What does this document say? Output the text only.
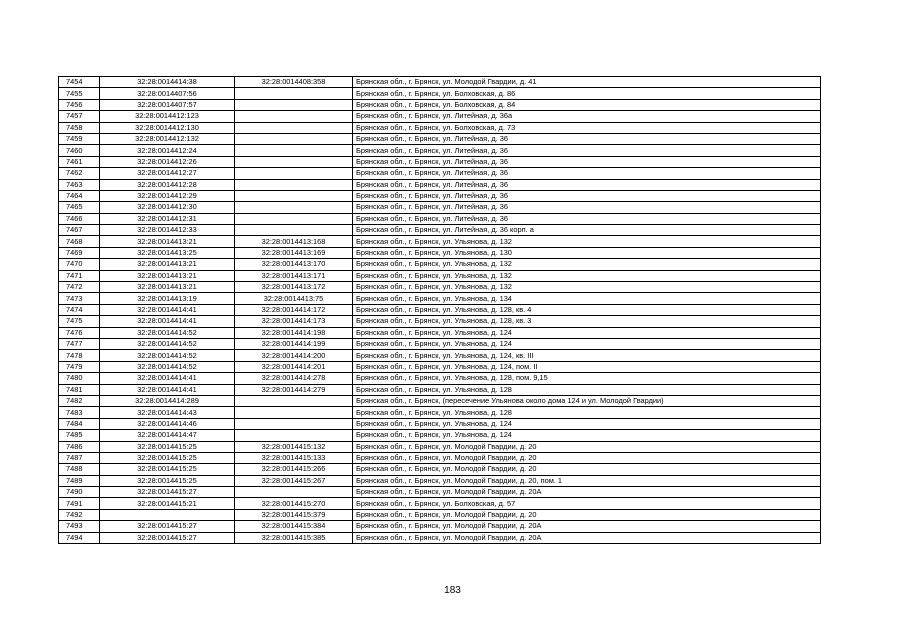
7454	32:28:0014414:38	32:28:0014408:358	Брянская обл., г. Брянск, ул. Молодой Гвардии, д. 41
7455	32:28:0014407:56		Брянская обл., г. Брянск, ул. Болховская, д. 86
7456	32:28:0014407:57		Брянская обл., г. Брянск, ул. Болховская, д. 84
7457	32:28:0014412:123		Брянская обл., г. Брянск, ул. Литейная, д. 36а
7458	32:28:0014412:130		Брянская обл., г. Брянск, ул. Болховская, д. 73
7459	32:28:0014412:132		Брянская обл., г. Брянск, ул. Литейная, д. 36
7460	32:28:0014412:24		Брянская обл., г. Брянск, ул. Литейная, д. 36
7461	32:28:0014412:26		Брянская обл., г. Брянск, ул. Литейная, д. 36
7462	32:28:0014412:27		Брянская обл., г. Брянск, ул. Литейная, д. 36
7463	32:28:0014412:28		Брянская обл., г. Брянск, ул. Литейная, д. 36
7464	32:28:0014412:29		Брянская обл., г. Брянск, ул. Литейная, д. 36
7465	32:28:0014412:30		Брянская обл., г. Брянск, ул. Литейная, д. 36
7466	32:28:0014412:31		Брянская обл., г. Брянск, ул. Литейная, д. 36
7467	32:28:0014412:33		Брянская обл., г. Брянск, ул. Литейная, д. 36 корп. а
7468	32:28:0014413:21	32:28:0014413:168	Брянская обл., г. Брянск, ул. Ульянова, д. 132
7469	32:28:0014413:25	32:28:0014413:169	Брянская обл., г. Брянск, ул. Ульянова, д. 130
7470	32:28:0014413:21	32:28:0014413:170	Брянская обл., г. Брянск, ул. Ульянова, д. 132
7471	32:28:0014413:21	32:28:0014413:171	Брянская обл., г. Брянск, ул. Ульянова, д. 132
7472	32:28:0014413:21	32:28:0014413:172	Брянская обл., г. Брянск, ул. Ульянова, д. 132
7473	32:28:0014413:19	32:28:0014413:75	Брянская обл., г. Брянск, ул. Ульянова, д. 134
7474	32:28:0014414:41	32:28:0014414:172	Брянская обл., г. Брянск, ул. Ульянова, д. 128, кв. 4
7475	32:28:0014414:41	32:28:0014414:173	Брянская обл., г. Брянск, ул. Ульянова, д. 128, кв. 3
7476	32:28:0014414:52	32:28:0014414:198	Брянская обл., г. Брянск, ул. Ульянова, д. 124
7477	32:28:0014414:52	32:28:0014414:199	Брянская обл., г. Брянск, ул. Ульянова, д. 124
7478	32:28:0014414:52	32:28:0014414:200	Брянская обл., г. Брянск, ул. Ульянова, д. 124, кв. III
7479	32:28:0014414:52	32:28:0014414:201	Брянская обл., г. Брянск, ул. Ульянова, д. 124, пом. II
7480	32:28:0014414:41	32:28:0014414:278	Брянская обл., г. Брянск, ул. Ульянова, д. 128, пом. 9,15
7481	32:28:0014414:41	32:28:0014414:279	Брянская обл., г. Брянск, ул. Ульянова, д. 128
7482	32:28:0014414:289		Брянская обл., г. Брянск, (пересечение Ульянова около дома 124 и ул. Молодой Гвардии)
7483	32:28:0014414:43		Брянская обл., г. Брянск, ул. Ульянова, д. 128
7484	32:28:0014414:46		Брянская обл., г. Брянск, ул. Ульянова, д. 124
7485	32:28:0014414:47		Брянская обл., г. Брянск, ул. Ульянова, д. 124
7486	32:28:0014415:25	32:28:0014415:132	Брянская обл., г. Брянск, ул. Молодой Гвардии, д. 20
7487	32:28:0014415:25	32:28:0014415:133	Брянская обл., г. Брянск, ул. Молодой Гвардии, д. 20
7488	32:28:0014415:25	32:28:0014415:266	Брянская обл., г. Брянск, ул. Молодой Гвардии, д. 20
7489	32:28:0014415:25	32:28:0014415:267	Брянская обл., г. Брянск, ул. Молодой Гвардии, д. 20, пом. 1
7490	32:28:0014415:27		Брянская обл., г. Брянск, ул. Молодой Гвардии, д. 20А
7491	32:28:0014415:21	32:28:0014415:270	Брянская обл., г. Брянск, ул. Болховская, д. 57
7492		32:28:0014415:379	Брянская обл., г. Брянск, ул. Молодой Гвардии, д. 20
7493	32:28:0014415:27	32:28:0014415:384	Брянская обл., г. Брянск, ул. Молодой Гвардии, д. 20А
7494	32:28:0014415:27	32:28:0014415:385	Брянская обл., г. Брянск, ул. Молодой Гвардии, д. 20А
183
